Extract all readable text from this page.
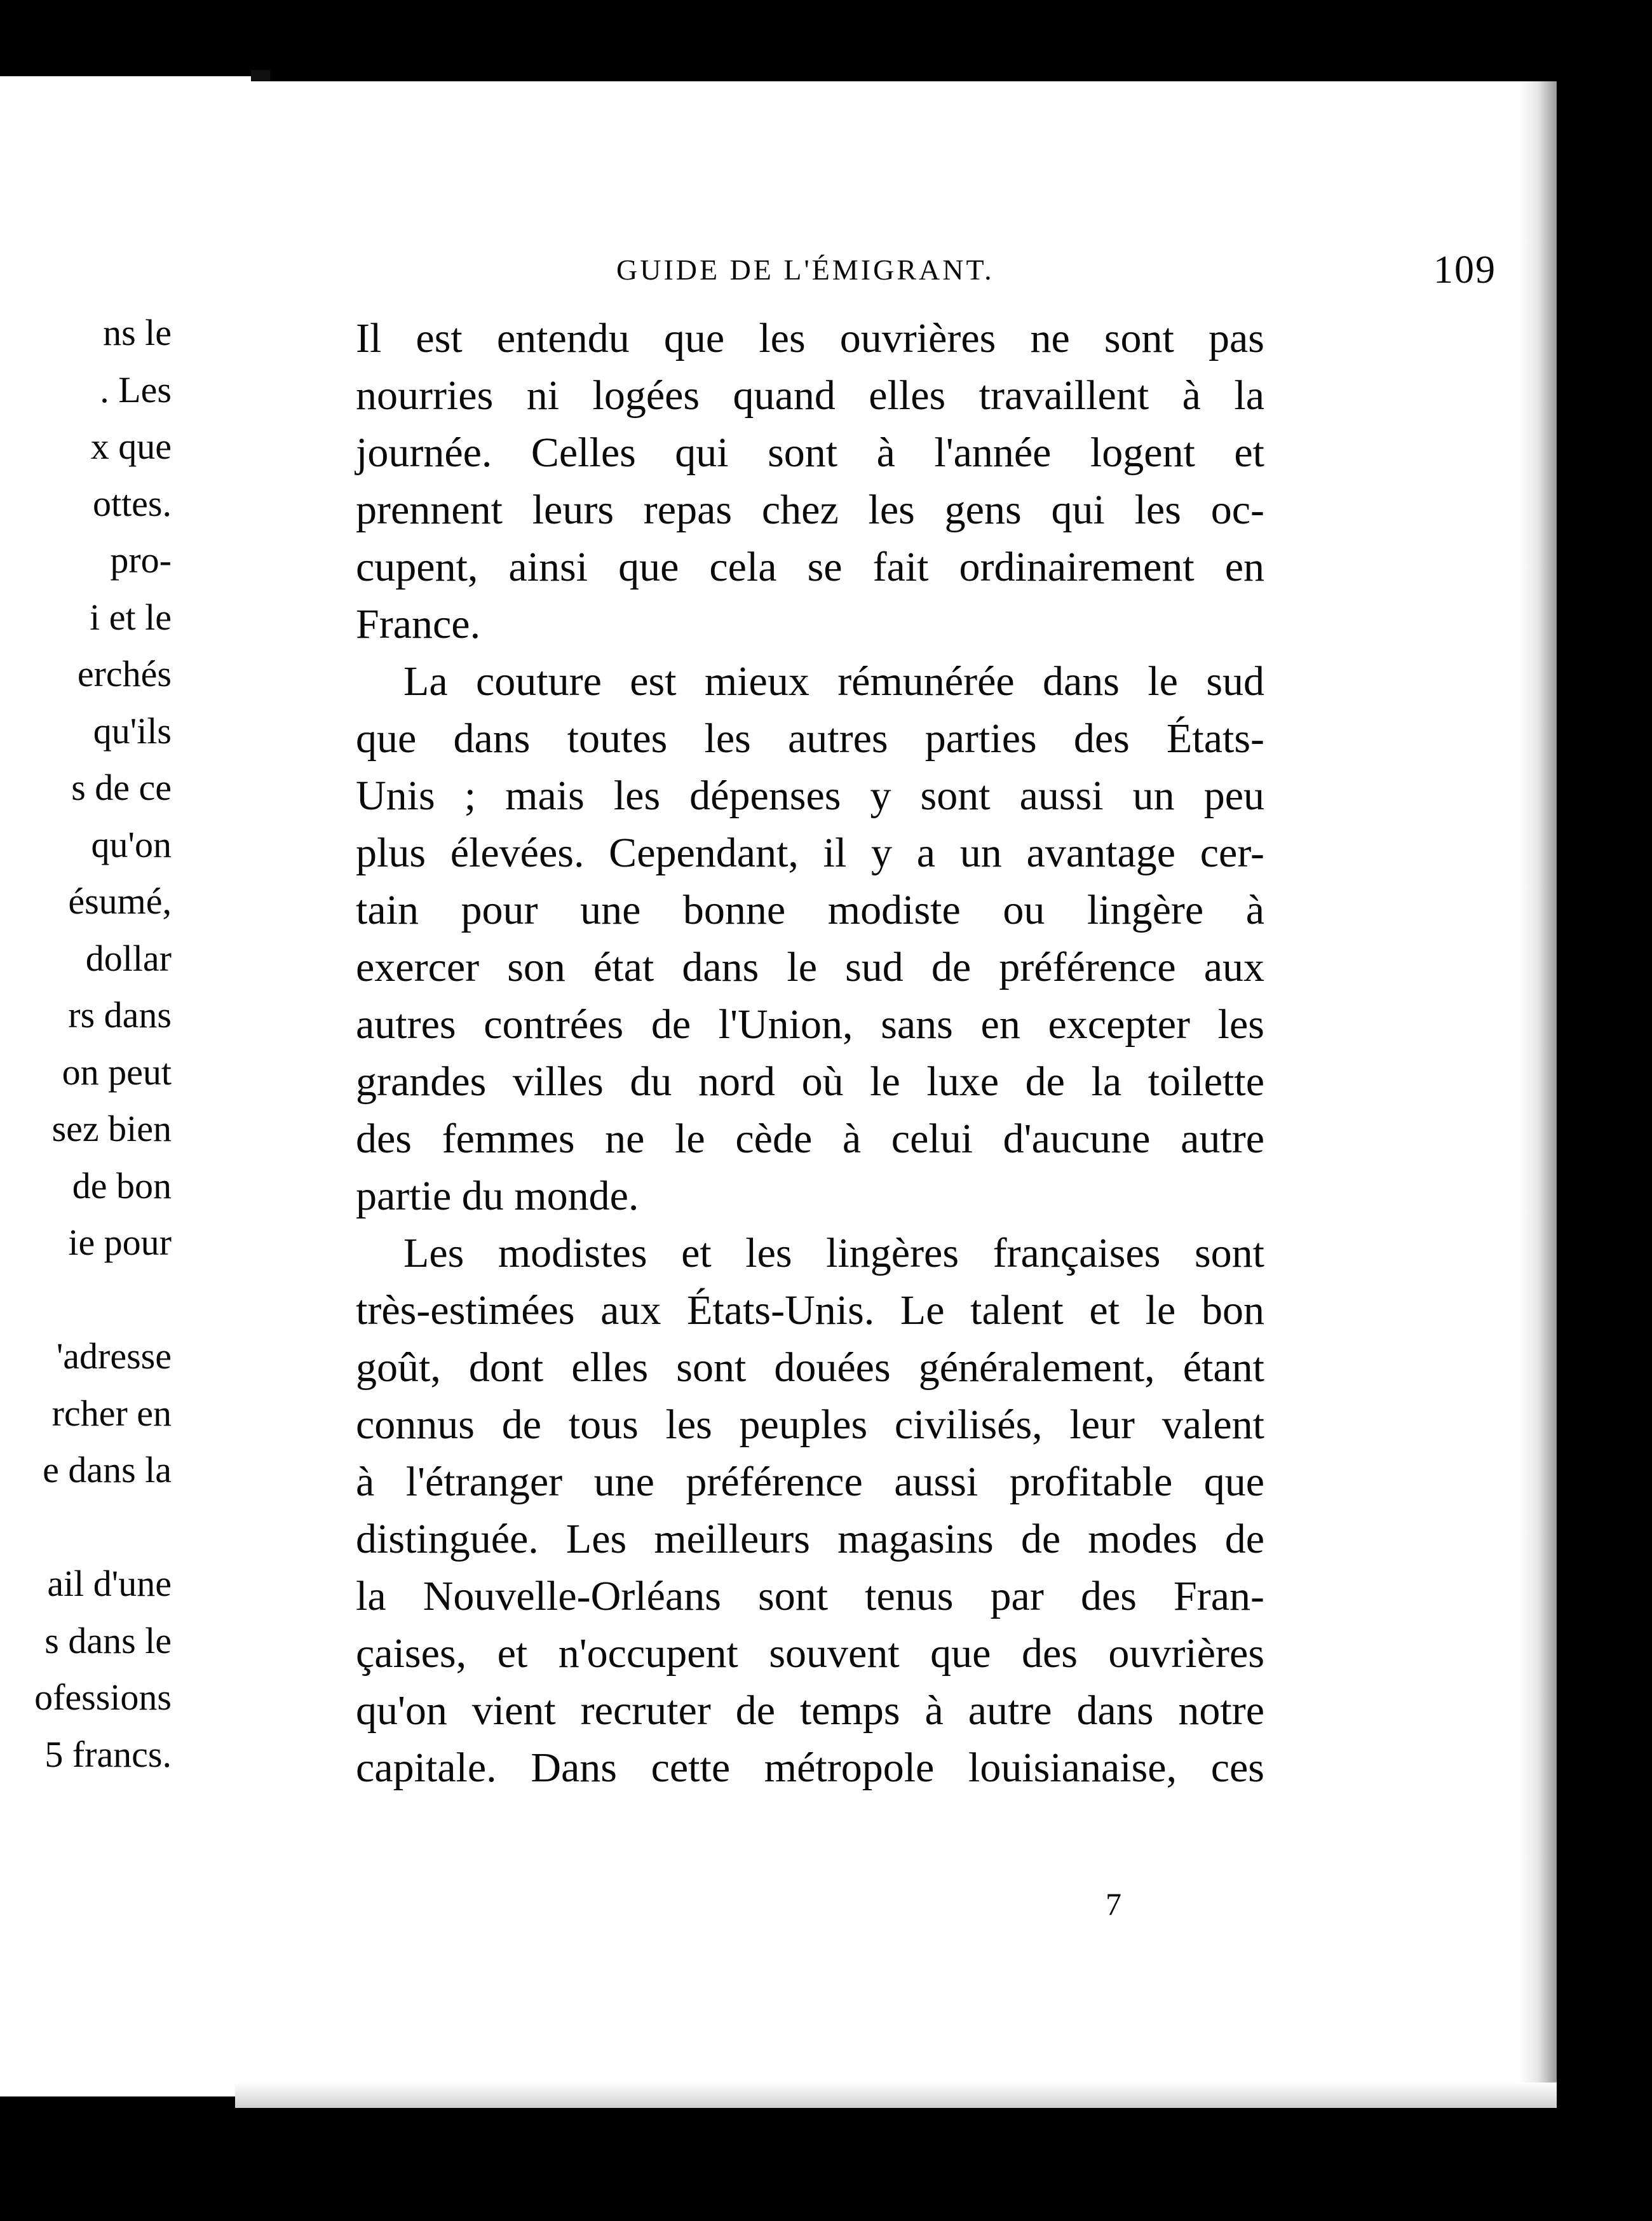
ns le
. Les
x que
ottes.
pro-
i et le
erchés
qu'ils
s de ce
qu'on
ésumé,
dollar
rs dans
on peut
sez bien
de bon
ie pour
'adresse
rcher en
e dans la
ail d'une
s dans le
ofessions
5 francs.
GUIDE DE L'ÉMIGRANT.	109
Il est entendu que les ouvrières ne sont pas
nourries ni logées quand elles travaillent à la
journée. Celles qui sont à l'année logent et
prennent leurs repas chez les gens qui les oc-
cupent, ainsi que cela se fait ordinairement en
France.
La couture est mieux rémunérée dans le sud
que dans toutes les autres parties des États-
Unis ; mais les dépenses y sont aussi un peu
plus élevées. Cependant, il y a un avantage cer-
tain pour une bonne modiste ou lingère à
exercer son état dans le sud de préférence aux
autres contrées de l'Union, sans en excepter les
grandes villes du nord où le luxe de la toilette
des femmes ne le cède à celui d'aucune autre
partie du monde.
Les modistes et les lingères françaises sont
très-estimées aux États-Unis. Le talent et le bon
goût, dont elles sont douées généralement, étant
connus de tous les peuples civilisés, leur valent
à l'étranger une préférence aussi profitable que
distinguée. Les meilleurs magasins de modes de
la Nouvelle-Orléans sont tenus par des Fran-
çaises, et n'occupent souvent que des ouvrières
qu'on vient recruter de temps à autre dans notre
capitale. Dans cette métropole louisianaise, ces
7
